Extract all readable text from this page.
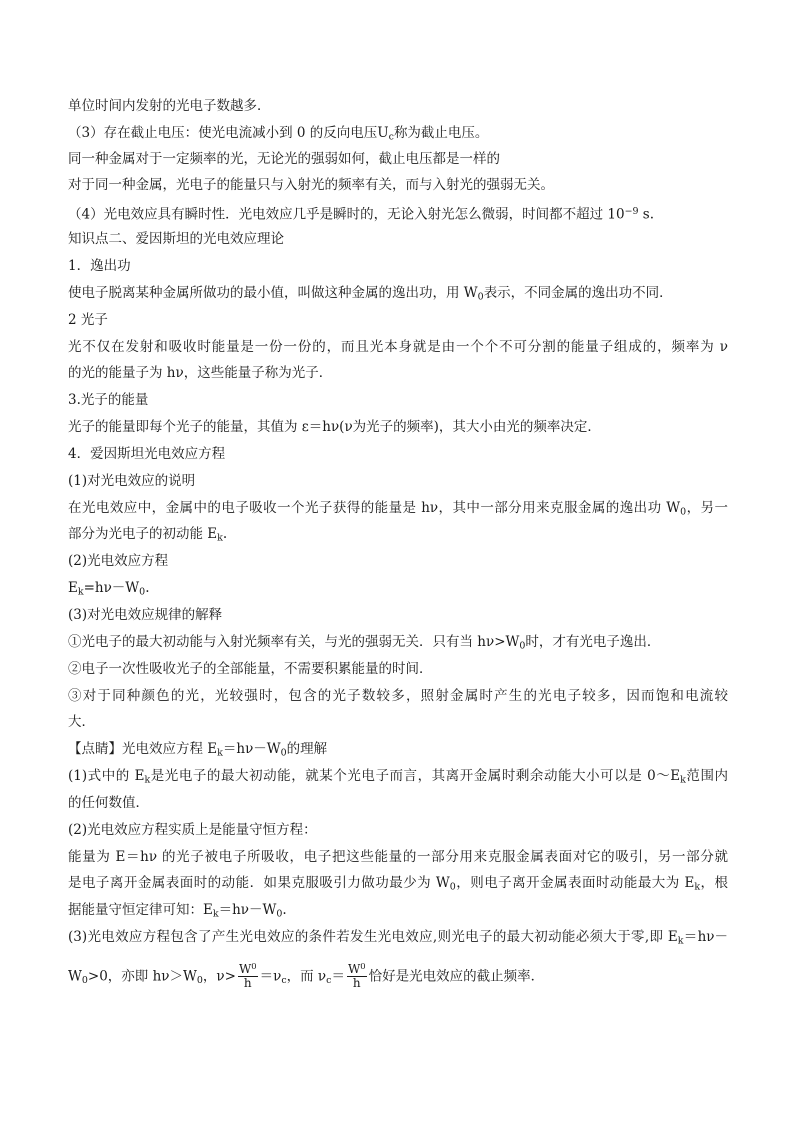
单位时间内发射的光电子数越多．
（3）存在截止电压：使光电流减小到 0 的反向电压$U_c$称为截止电压。
同一种金属对于一定频率的光，无论光的强弱如何，截止电压都是一样的
对于同一种金属，光电子的能量只与入射光的频率有关，而与入射光的强弱无关。
（4）光电效应具有瞬时性．光电效应几乎是瞬时的，无论入射光怎么微弱，时间都不超过 $10^{-9}$ s.
知识点二、爱因斯坦的光电效应理论
1．逸出功
使电子脱离某种金属所做功的最小值，叫做这种金属的逸出功，用 $W_0$表示，不同金属的逸出功不同．
2 光子
光不仅在发射和吸收时能量是一份一份的，而且光本身就是由一个个不可分割的能量子组成的，频率为 ν
的光的能量子为 hν，这些能量子称为光子．
3.光子的能量
光子的能量即每个光子的能量，其值为 ε＝hν(ν为光子的频率)，其大小由光的频率决定．
4．爱因斯坦光电效应方程
(1)对光电效应的说明
在光电效应中，金属中的电子吸收一个光子获得的能量是 hν，其中一部分用来克服金属的逸出功 $W_0$，另一
部分为光电子的初动能 $E_k$.
(2)光电效应方程
$E_k=h\nu-W_0$.
(3)对光电效应规律的解释
①光电子的最大初动能与入射光频率有关，与光的强弱无关．只有当 $h\nu>W_0$时，才有光电子逸出．
②电子一次性吸收光子的全部能量，不需要积累能量的时间．
③对于同种颜色的光，光较强时，包含的光子数较多，照射金属时产生的光电子较多，因而饱和电流较
大．
【点睛】光电效应方程 $E_k=h\nu-W_0$的理解
(1)式中的 $E_k$是光电子的最大初动能，就某个光电子而言，其离开金属时剩余动能大小可以是 $0\sim E_k$范围内
的任何数值．
(2)光电效应方程实质上是能量守恒方程：
能量为 E＝hν 的光子被电子所吸收，电子把这些能量的一部分用来克服金属表面对它的吸引，另一部分就
是电子离开金属表面时的动能．如果克服吸引力做功最少为 $W_0$，则电子离开金属表面时动能最大为 $E_k$，根
据能量守恒定律可知：$E_k=h\nu-W_0$.
(3)光电效应方程包含了产生光电效应的条件若发生光电效应,则光电子的最大初动能必须大于零,即 $E_k=h\nu-$
$W_0>0$，亦即 $h\nu>W_0$，$\nu> \frac{W^0}{h} =\nu_c$，而 $\nu_c= \frac{W^0}{h}$ 恰好是光电效应的截止频率．
